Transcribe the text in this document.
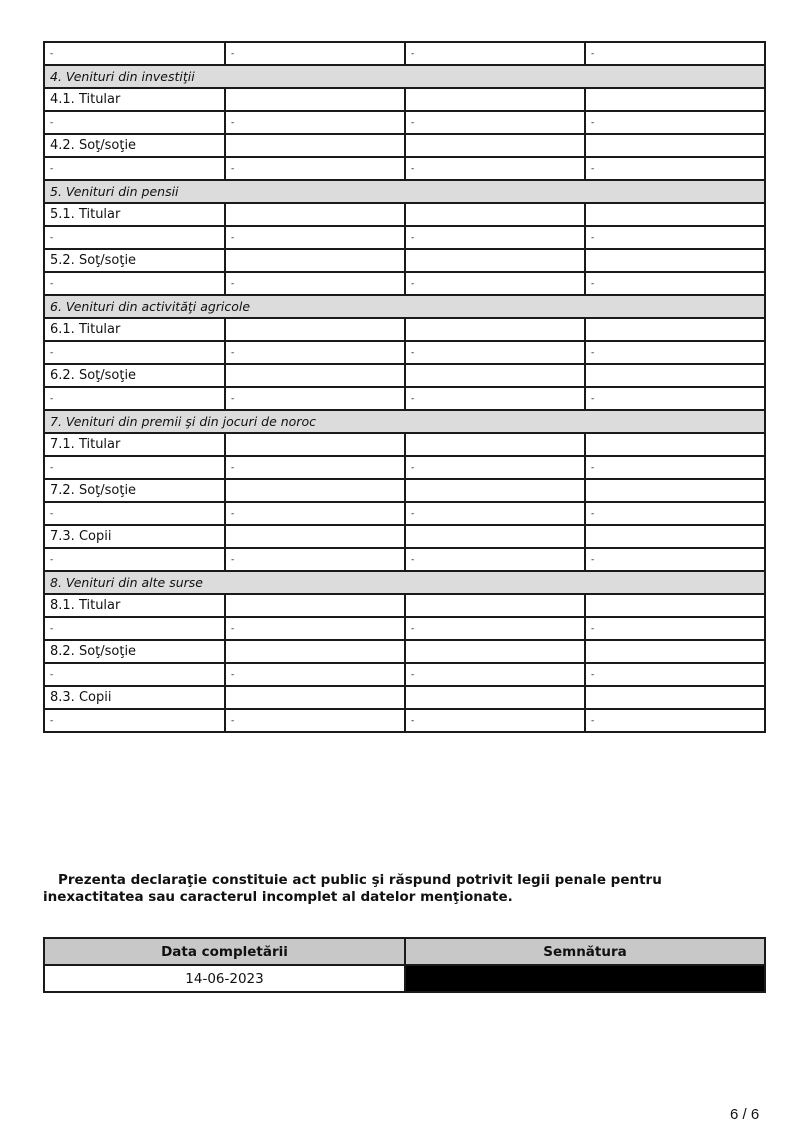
-	-	-	-
4. Venituri din investiţii			
4.1. Titular			
-	-	-	-
4.2. Soţ/soţie			
-	-	-	-
5. Venituri din pensii			
5.1. Titular			
-	-	-	-
5.2. Soţ/soţie			
-	-	-	-
6. Venituri din activităţi agricole			
6.1. Titular			
-	-	-	-
6.2. Soţ/soţie			
-	-	-	-
7. Venituri din premii şi din jocuri de noroc			
7.1. Titular			
-	-	-	-
7.2. Soţ/soţie			
-	-	-	-
7.3. Copii			
-	-	-	-
8. Venituri din alte surse			
8.1. Titular			
-	-	-	-
8.2. Soţ/soţie			
-	-	-	-
8.3. Copii			
-	-	-	-
Prezenta declaraţie constituie act public şi răspund potrivit legii penale pentru inexactitatea sau caracterul incomplet al datelor menţionate.
Data completării	Semnătura
14-06-2023	
6 / 6
